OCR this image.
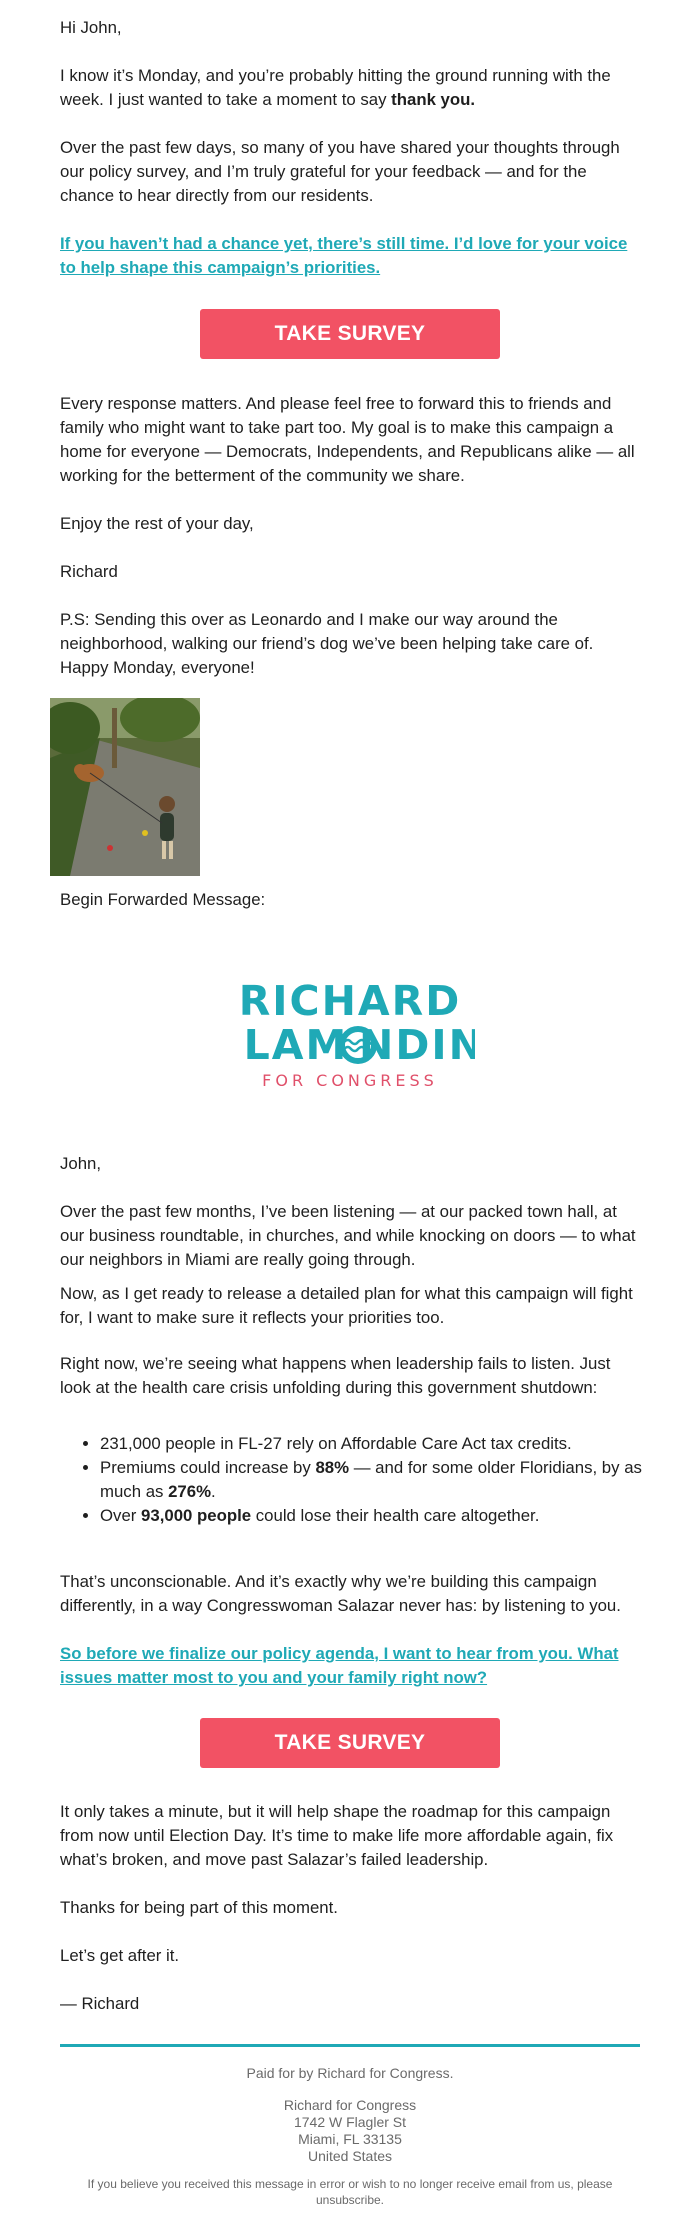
Hi John,

I know it’s Monday, and you’re probably hitting the ground running with the week. I just wanted to take a moment to say thank you.

Over the past few days, so many of you have shared your thoughts through our policy survey, and I’m truly grateful for your feedback — and for the chance to hear directly from our residents.

If you haven’t had a chance yet, there’s still time. I’d love for your voice to help shape this campaign’s priorities.
TAKE SURVEY

Every response matters. And please feel free to forward this to friends and family who might want to take part too. My goal is to make this campaign a home for everyone — Democrats, Independents, and Republicans alike — all working for the betterment of the community we share.

Enjoy the rest of your day,

Richard

P.S: Sending this over as Leonardo and I make our way around the neighborhood, walking our friend’s dog we’ve been helping take care of. Happy Monday, everyone!

Begin Forwarded Message:

RICHARD
LAM NDIN
FOR CONGRESS

John,

Over the past few months, I’ve been listening — at our packed town hall, at our business roundtable, in churches, and while knocking on doors — to what our neighbors in Miami are really going through.

Now, as I get ready to release a detailed plan for what this campaign will fight for, I want to make sure it reflects your priorities too.

Right now, we’re seeing what happens when leadership fails to listen. Just look at the health care crisis unfolding during this government shutdown:

• 231,000 people in FL-27 rely on Affordable Care Act tax credits.
• Premiums could increase by 88% — and for some older Floridians, by as much as 276%.
• Over 93,000 people could lose their health care altogether.

That’s unconscionable. And it’s exactly why we’re building this campaign differently, in a way Congresswoman Salazar never has: by listening to you.

So before we finalize our policy agenda, I want to hear from you. What issues matter most to you and your family right now?
TAKE SURVEY

It only takes a minute, but it will help shape the roadmap for this campaign from now until Election Day. It’s time to make life more affordable again, fix what’s broken, and move past Salazar’s failed leadership.

Thanks for being part of this moment.

Let’s get after it.

— Richard

Paid for by Richard for Congress.
Richard for Congress
1742 W Flagler St
Miami, FL 33135
United States
If you believe you received this message in error or wish to no longer receive email from us, please unsubscribe.
